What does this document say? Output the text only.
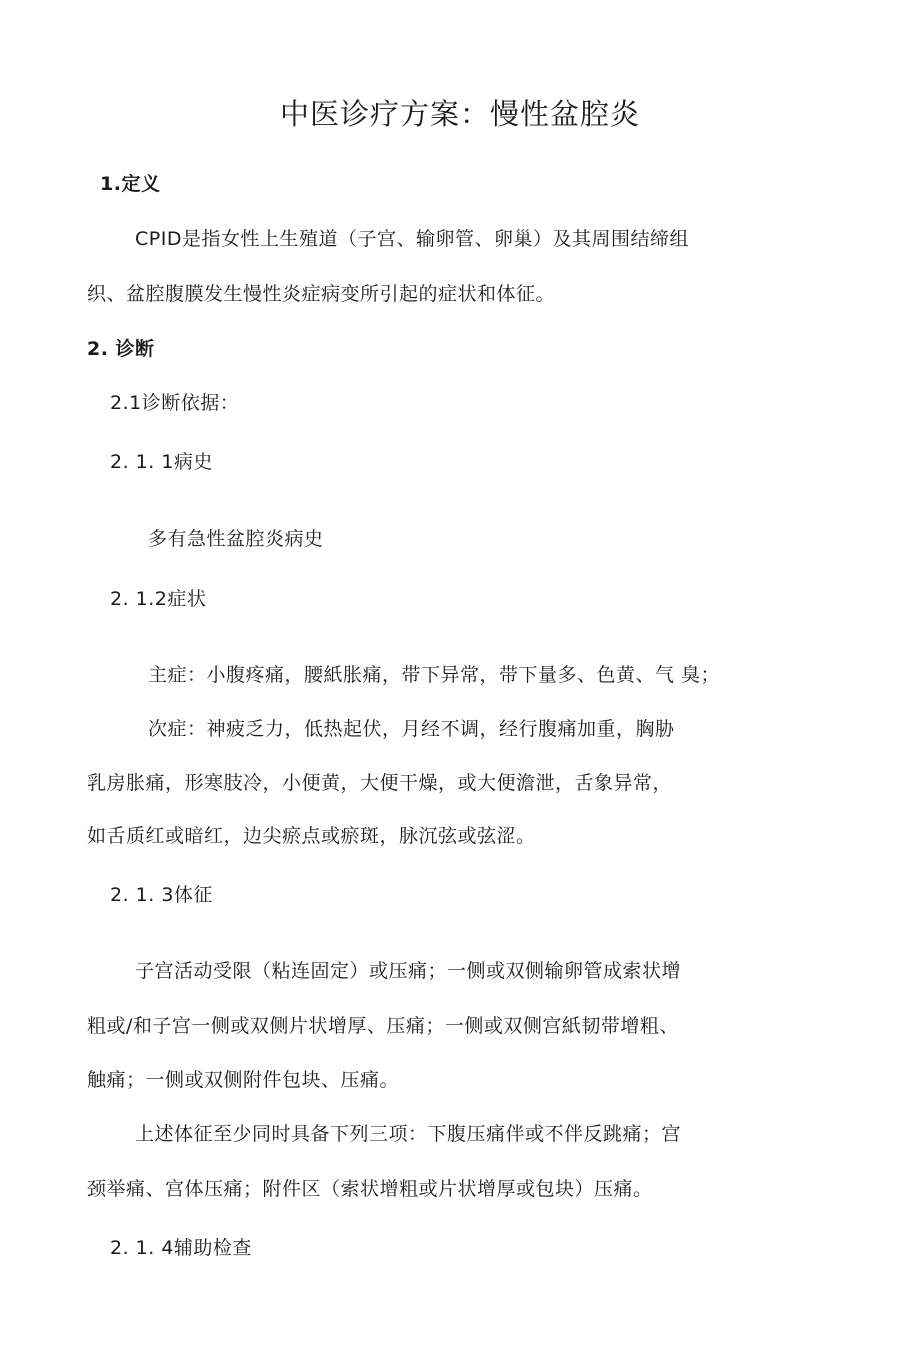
中医诊疗方案：慢性盆腔炎
1.定义
CPID是指女性上生殖道（子宫、输卵管、卵巢）及其周围结缔组
织、盆腔腹膜发生慢性炎症病变所引起的症状和体征。
2. 诊断
2.1诊断依据：
2. 1. 1病史
多有急性盆腔炎病史
2. 1.2症状
主症：小腹疼痛，腰紙胀痛，带下异常，带下量多、色黄、气 臭；
次症：神疲乏力，低热起伏，月经不调，经行腹痛加重，胸胁
乳房胀痛，形寒肢冷，小便黄，大便干燥，或大便澹泄，舌象异常，
如舌质红或暗红，边尖瘀点或瘀斑，脉沉弦或弦涩。
2. 1. 3体征
子宫活动受限（粘连固定）或压痛；一侧或双侧输卵管成索状增
粗或/和子宫一侧或双侧片状增厚、压痛；一侧或双侧宫紙韧带增粗、
触痛；一侧或双侧附件包块、压痛。
上述体征至少同时具备下列三项：下腹压痛伴或不伴反跳痛；宫
颈举痛、宫体压痛；附件区（索状增粗或片状增厚或包块）压痛。
2. 1. 4辅助检查
